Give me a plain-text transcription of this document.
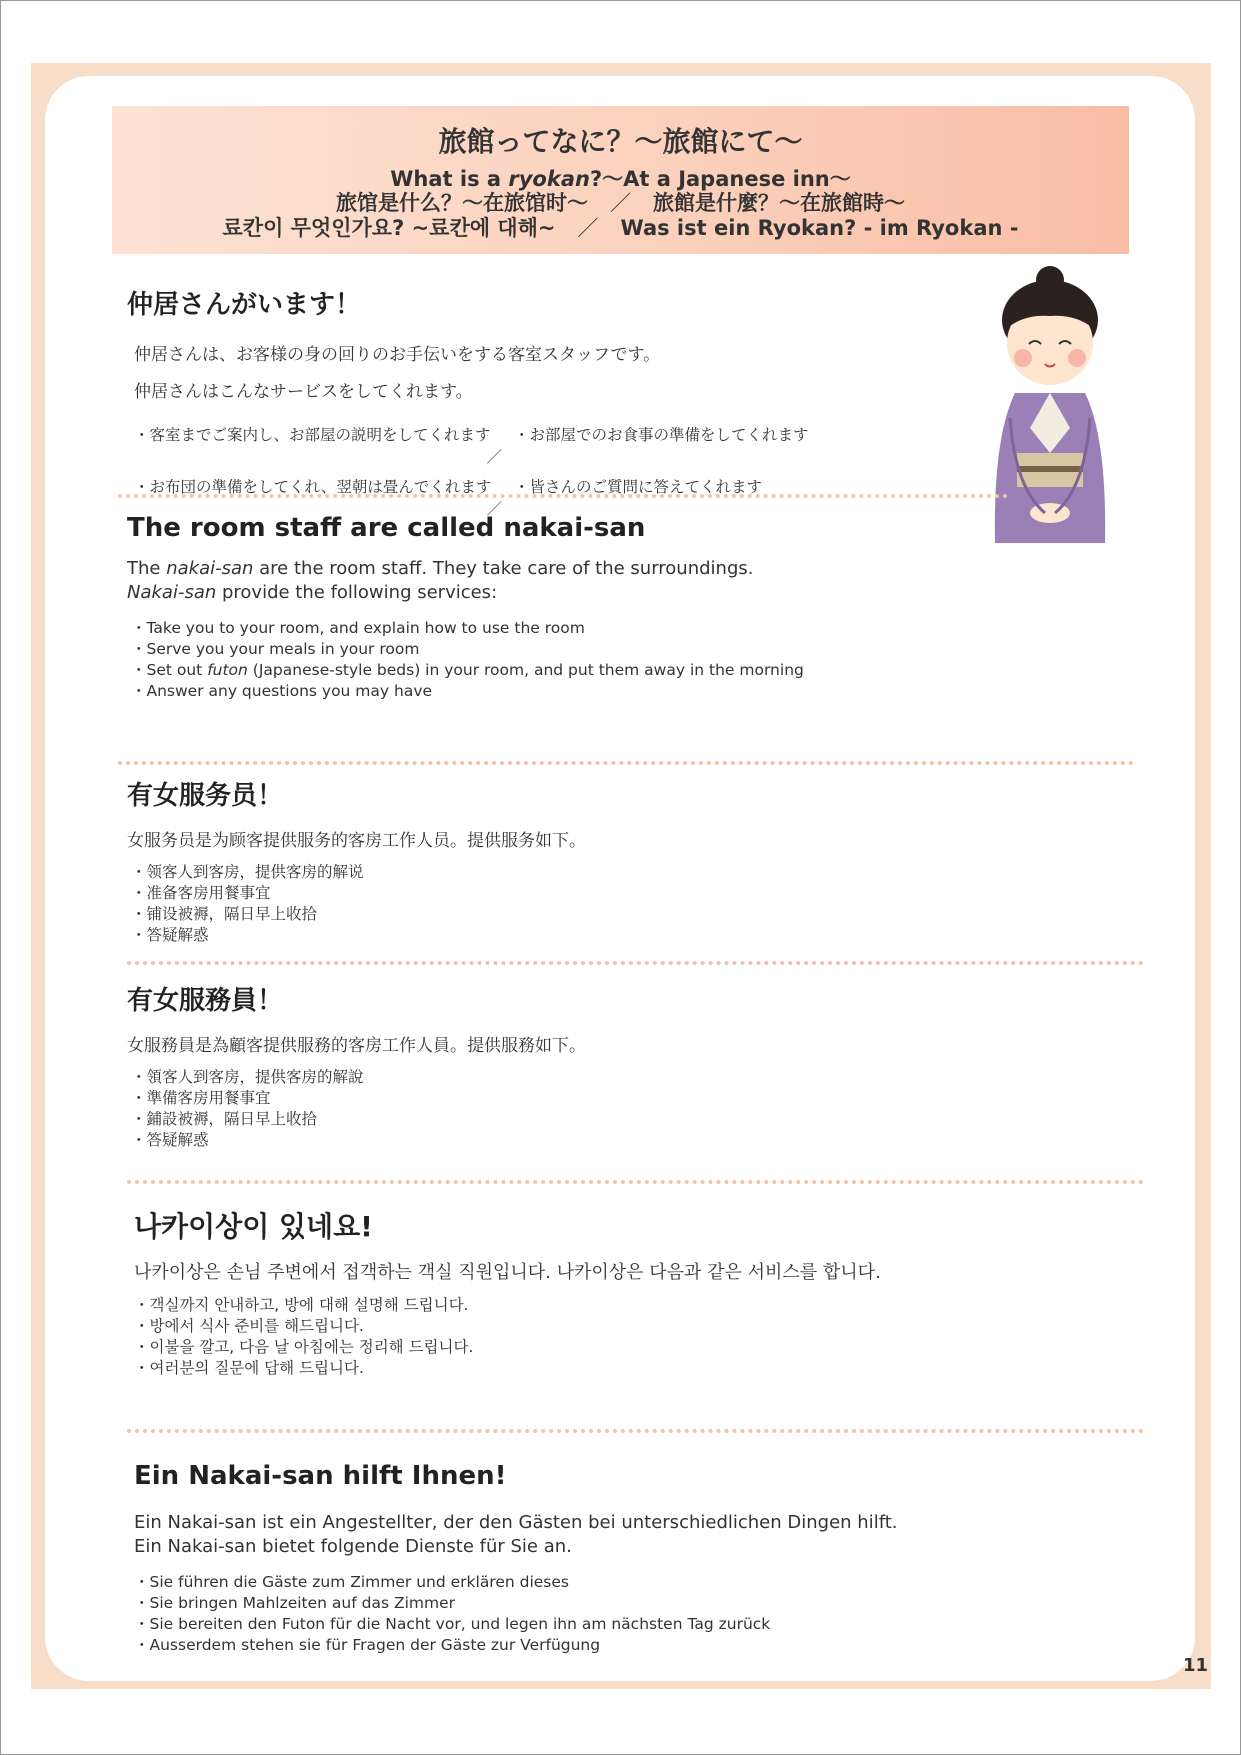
旅館ってなに？～旅館にて～
What is a ryokan?～At a Japanese inn～
旅馆是什么？～在旅馆时～ ／ 旅館是什麼？～在旅館時～
료칸이 무엇인가요? ~료칸에 대해~ ／ Was ist ein Ryokan? - im Ryokan -
仲居さんがいます！
仲居さんは、お客様の身の回りのお手伝いをする客室スタッフです。
仲居さんはこんなサービスをしてくれます。
・客室までご案内し、お部屋の説明をしてくれます
／
・お部屋でのお食事の準備をしてくれます
・お布団の準備をしてくれ、翌朝は畳んでくれます
／
・皆さんのご質問に答えてくれます
The room staff are called nakai-san
The nakai-san are the room staff. They take care of the surroundings.
Nakai-san provide the following services:
・Take you to your room, and explain how to use the room
・Serve you your meals in your room
・Set out futon (Japanese-style beds) in your room, and put them away in the morning
・Answer any questions you may have
有女服务员！
女服务员是为顾客提供服务的客房工作人员。提供服务如下。
・领客人到客房，提供客房的解说
・准备客房用餐事宜
・铺设被褥，隔日早上收拾
・答疑解惑
有女服務員！
女服務員是為顧客提供服務的客房工作人員。提供服務如下。
・領客人到客房，提供客房的解說
・準備客房用餐事宜
・鋪設被褥，隔日早上收拾
・答疑解惑
나카이상이 있네요!
나카이상은 손님 주변에서 접객하는 객실 직원입니다. 나카이상은 다음과 같은 서비스를 합니다.
・객실까지 안내하고, 방에 대해 설명해 드립니다.
・방에서 식사 준비를 해드립니다.
・이불을 깔고, 다음 날 아침에는 정리해 드립니다.
・여러분의 질문에 답해 드립니다.
Ein Nakai-san hilft Ihnen!
Ein Nakai-san ist ein Angestellter, der den Gästen bei unterschiedlichen Dingen hilft.
Ein Nakai-san bietet folgende Dienste für Sie an.
・Sie führen die Gäste zum Zimmer und erklären dieses
・Sie bringen Mahlzeiten auf das Zimmer
・Sie bereiten den Futon für die Nacht vor, und legen ihn am nächsten Tag zurück
・Ausserdem stehen sie für Fragen der Gäste zur Verfügung
11
